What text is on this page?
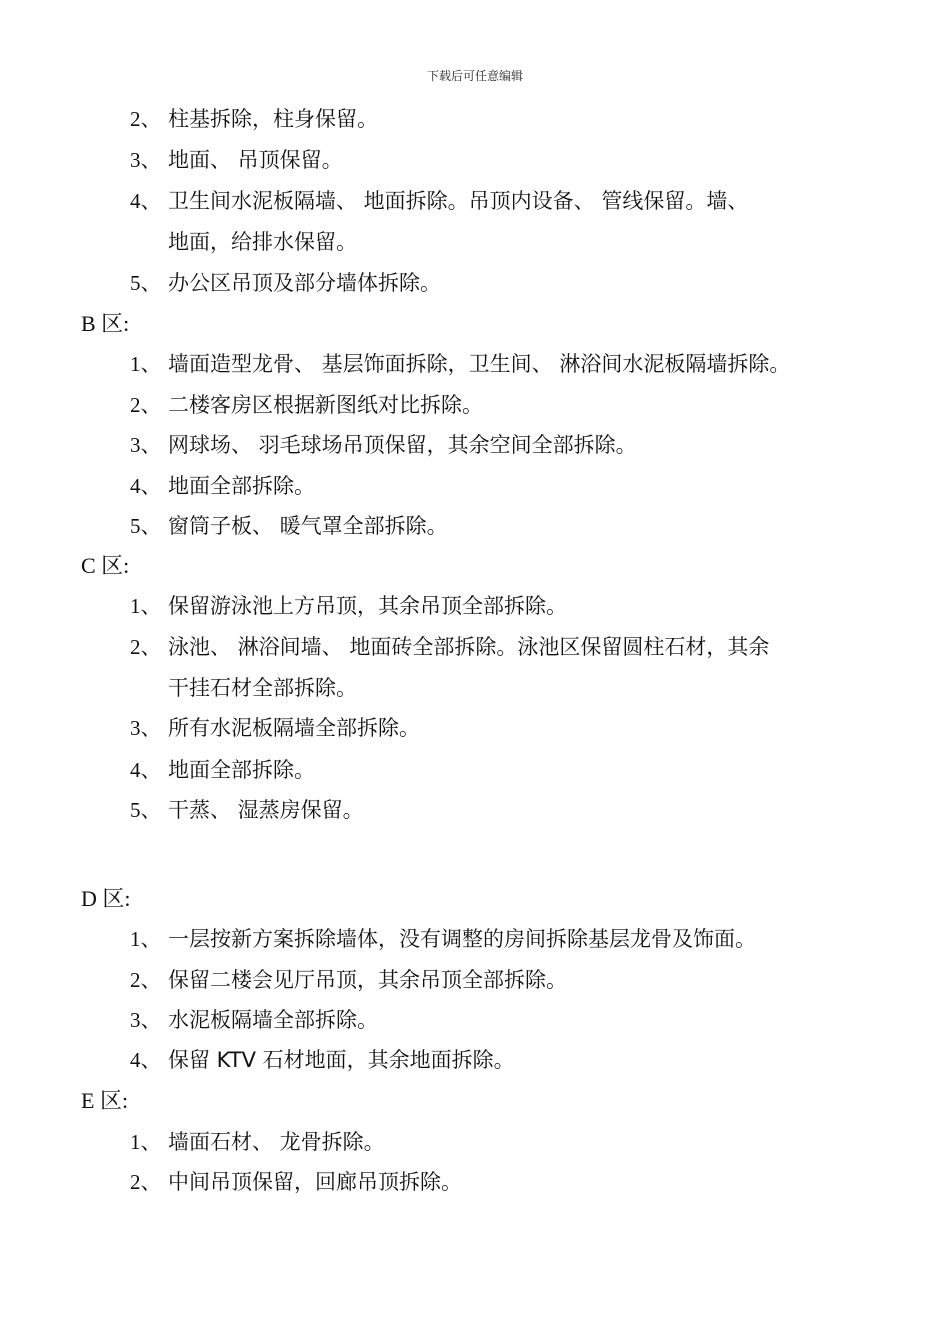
下载后可任意编辑
2、 柱基拆除，柱身保留。
3、 地面、 吊顶保留。
4、 卫生间水泥板隔墙、 地面拆除。吊顶内设备、 管线保留。墙、
地面，给排水保留。
5、 办公区吊顶及部分墙体拆除。
B 区:
1、 墙面造型龙骨、 基层饰面拆除，卫生间、 淋浴间水泥板隔墙拆除。
2、 二楼客房区根据新图纸对比拆除。
3、 网球场、 羽毛球场吊顶保留，其余空间全部拆除。
4、 地面全部拆除。
5、 窗筒子板、 暖气罩全部拆除。
C 区:
1、 保留游泳池上方吊顶，其余吊顶全部拆除。
2、 泳池、 淋浴间墙、 地面砖全部拆除。泳池区保留圆柱石材，其余
干挂石材全部拆除。
3、 所有水泥板隔墙全部拆除。
4、地面全部拆除。
5、干蒸、 湿蒸房保留。
D 区:
1、 一层按新方案拆除墙体，没有调整的房间拆除基层龙骨及饰面。
2、 保留二楼会见厅吊顶，其余吊顶全部拆除。
3、 水泥板隔墙全部拆除。
4、 保留 KTV 石材地面，其余地面拆除。
E 区:
1、 墙面石材、 龙骨拆除。
2、 中间吊顶保留，回廊吊顶拆除。
